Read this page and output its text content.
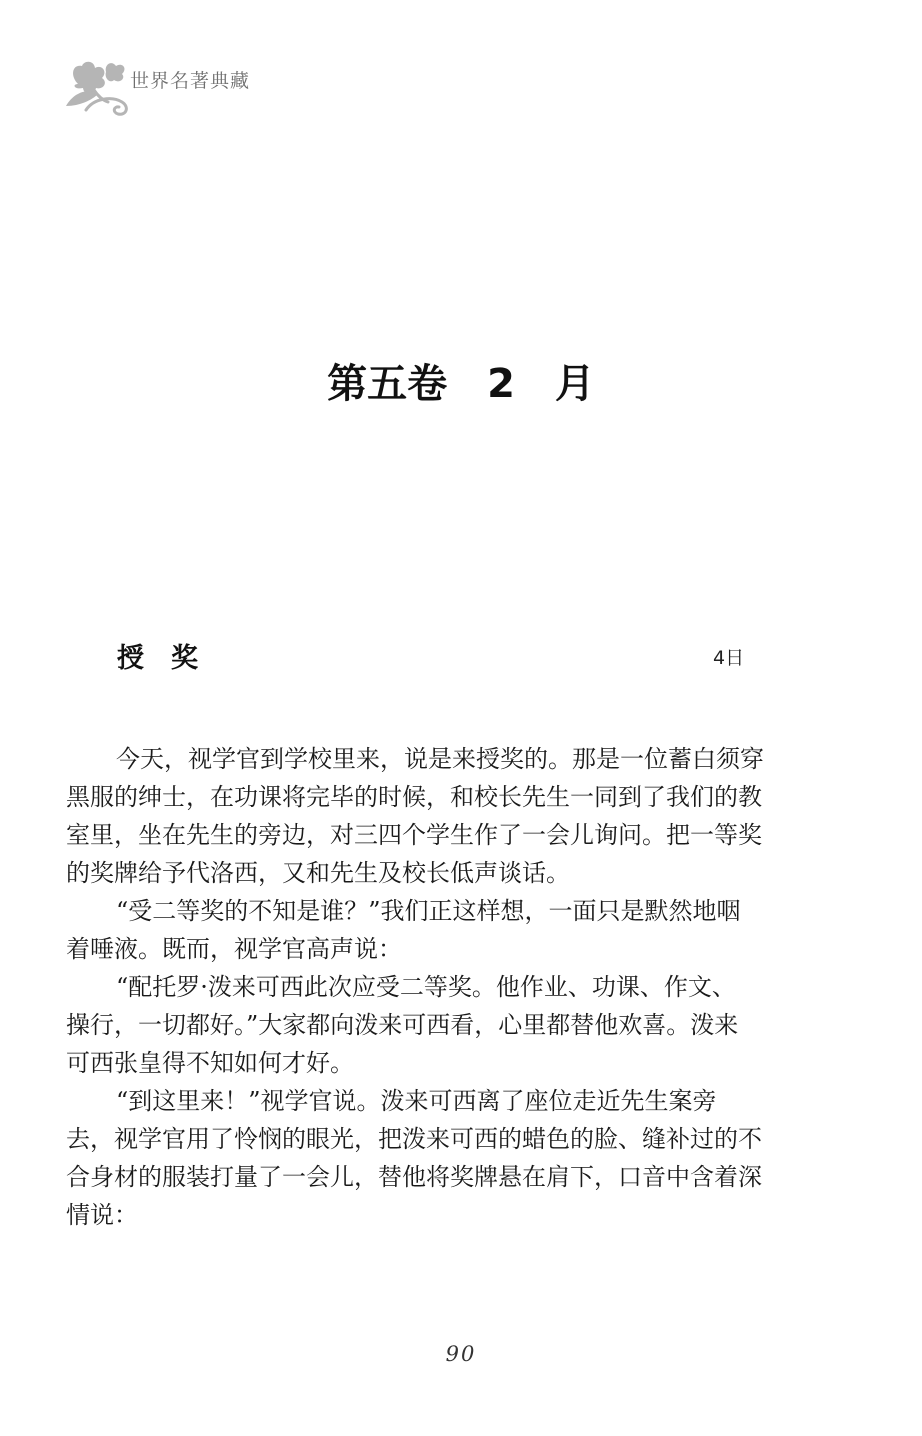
世界名著典藏
第五卷　2　月
授　奖	4日
今天，视学官到学校里来，说是来授奖的。那是一位蓄白须穿
黑服的绅士，在功课将完毕的时候，和校长先生一同到了我们的教
室里，坐在先生的旁边，对三四个学生作了一会儿询问。把一等奖
的奖牌给予代洛西，又和先生及校长低声谈话。
“受二等奖的不知是谁？”我们正这样想，一面只是默然地咽
着唾液。既而，视学官高声说：
“配托罗·泼来可西此次应受二等奖。他作业、功课、作文、
操行，一切都好。”大家都向泼来可西看，心里都替他欢喜。泼来
可西张皇得不知如何才好。
“到这里来！”视学官说。泼来可西离了座位走近先生案旁
去，视学官用了怜悯的眼光，把泼来可西的蜡色的脸、缝补过的不
合身材的服装打量了一会儿，替他将奖牌悬在肩下，口音中含着深
情说：
90
